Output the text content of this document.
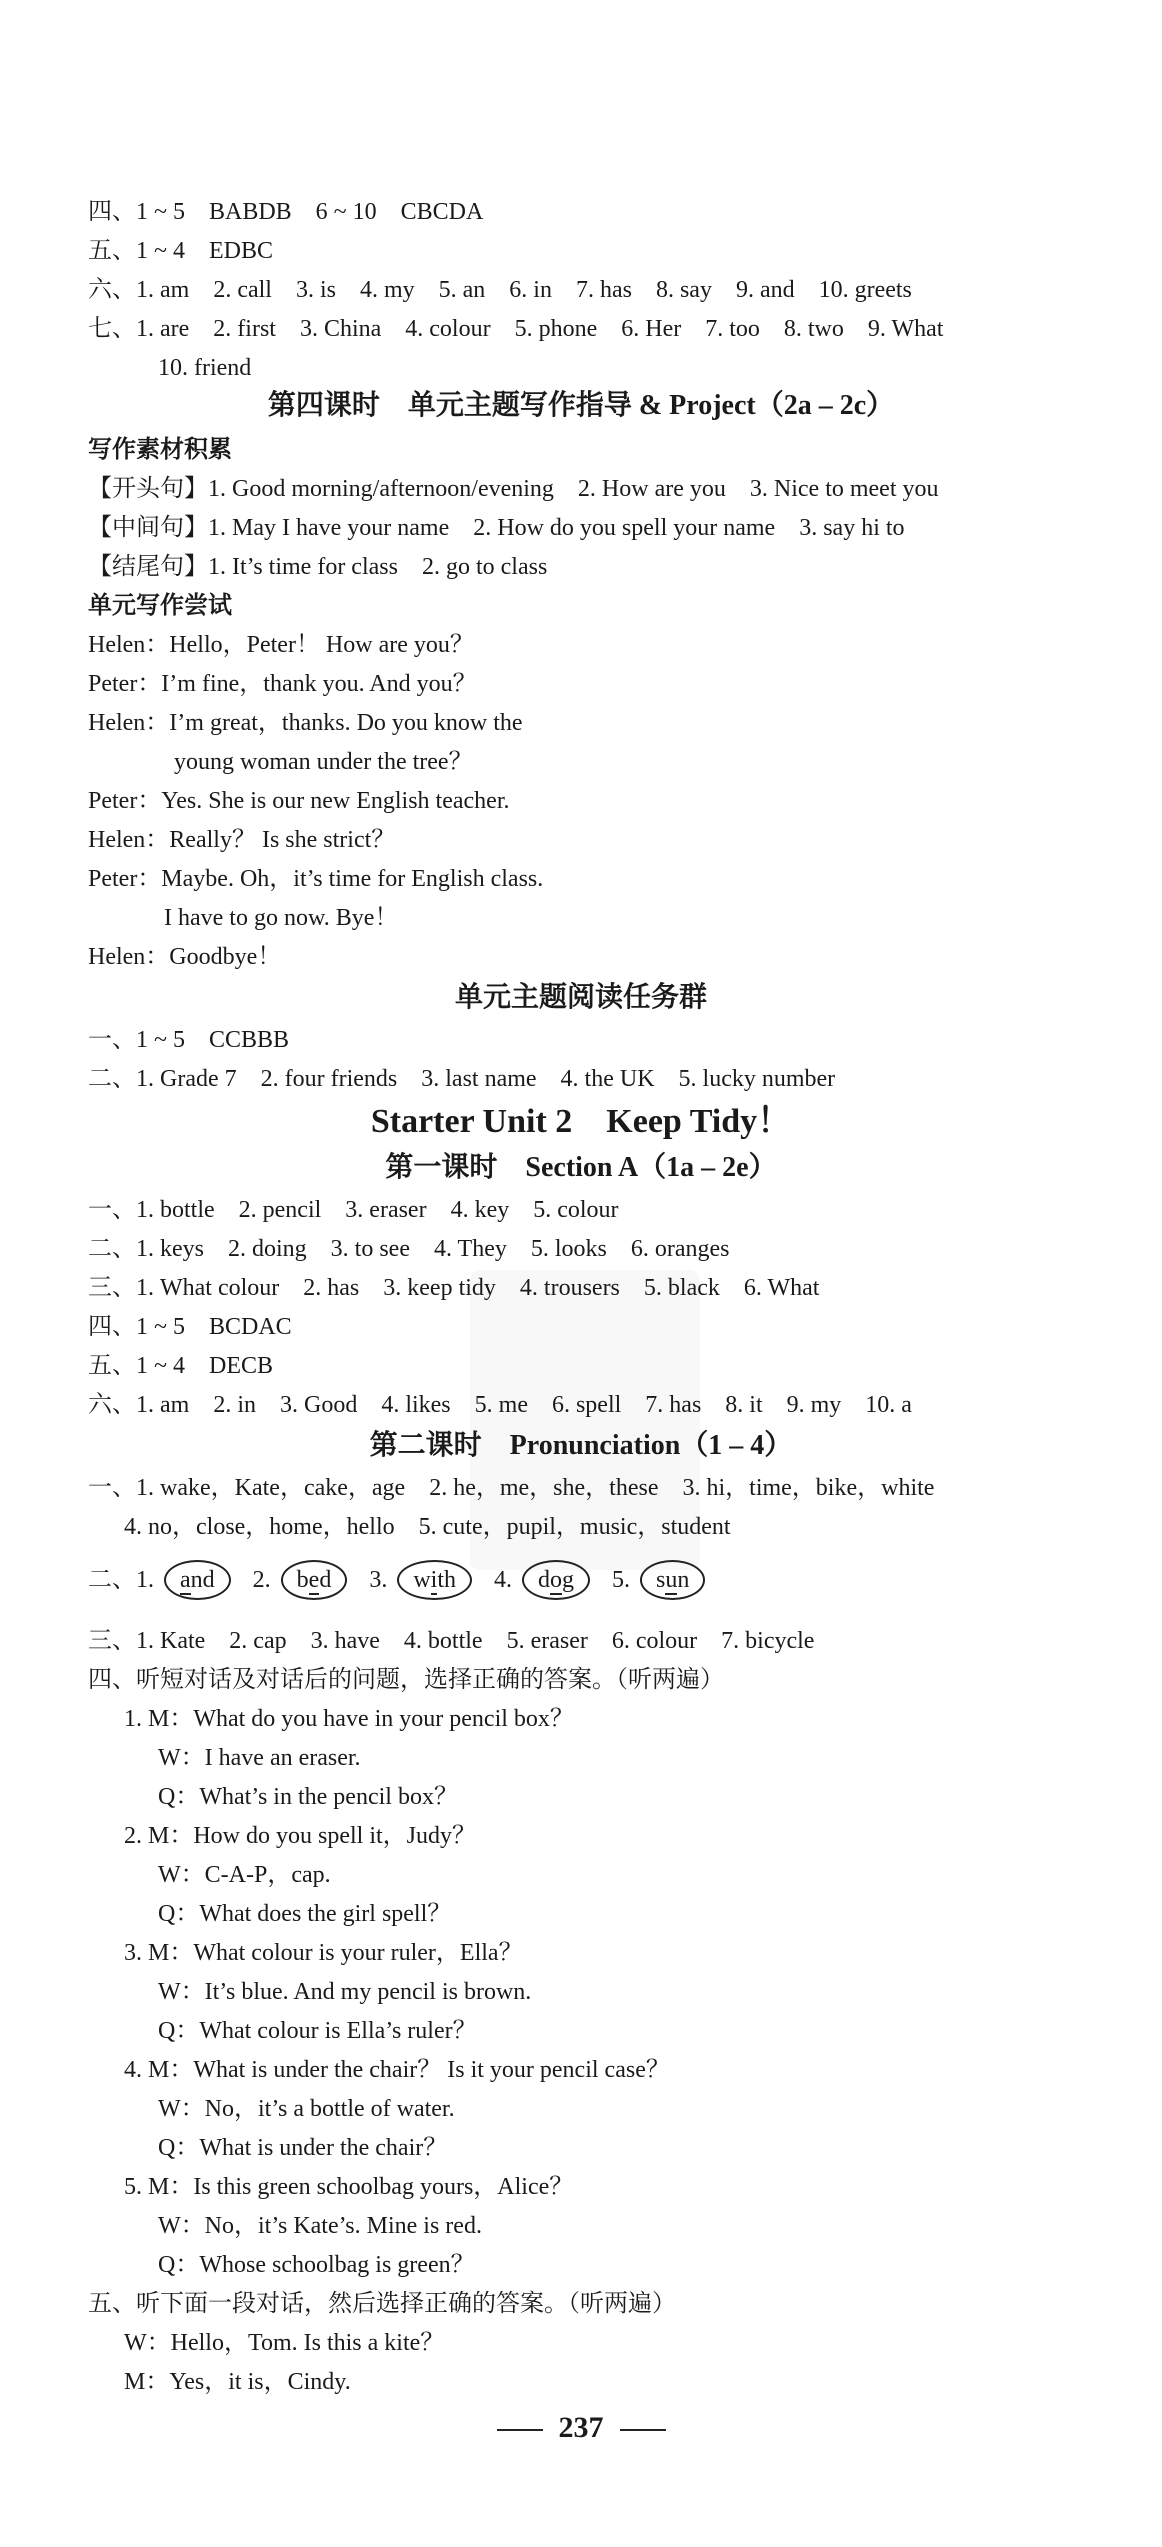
四、1 ~ 5　BABDB　6 ~ 10　CBCDA
五、1 ~ 4　EDBC
六、1. am　2. call　3. is　4. my　5. an　6. in　7. has　8. say　9. and　10. greets
七、1. are　2. first　3. China　4. colour　5. phone　6. Her　7. too　8. two　9. What
10. friend
第四课时　单元主题写作指导 & Project（2a – 2c）
写作素材积累
【开头句】1. Good morning/afternoon/evening　2. How are you　3. Nice to meet you
【中间句】1. May I have your name　2. How do you spell your name　3. say hi to
【结尾句】1. It’s time for class　2. go to class
单元写作尝试
Helen：Hello，Peter！ How are you？
Peter：I’m fine，thank you. And you？
Helen：I’m great，thanks. Do you know the
young woman under the tree？
Peter：Yes. She is our new English teacher.
Helen：Really？ Is she strict？
Peter：Maybe. Oh，it’s time for English class.
I have to go now. Bye！
Helen：Goodbye！
单元主题阅读任务群
一、1 ~ 5　CCBBB
二、1. Grade 7　2. four friends　3. last name　4. the UK　5. lucky number
Starter Unit 2　Keep Tidy！
第一课时　Section A（1a – 2e）
一、1. bottle　2. pencil　3. eraser　4. key　5. colour
二、1. keys　2. doing　3. to see　4. They　5. looks　6. oranges
三、1. What colour　2. has　3. keep tidy　4. trousers　5. black　6. What
四、1 ~ 5　BCDAC
五、1 ~ 4　DECB
六、1. am　2. in　3. Good　4. likes　5. me　6. spell　7. has　8. it　9. my　10. a
第二课时　Pronunciation（1 – 4）
一、1. wake，Kate，cake，age　2. he，me，she，these　3. hi，time，bike，white
4. no，close，home，hello　5. cute，pupil，music，student
二、1. and 2. bed 3. with 4. dog 5. sun
三、1. Kate　2. cap　3. have　4. bottle　5. eraser　6. colour　7. bicycle
四、听短对话及对话后的问题，选择正确的答案。（听两遍）
1. M：What do you have in your pencil box？
W：I have an eraser.
Q：What’s in the pencil box？
2. M：How do you spell it，Judy？
W：C-A-P，cap.
Q：What does the girl spell？
3. M：What colour is your ruler，Ella？
W：It’s blue. And my pencil is brown.
Q：What colour is Ella’s ruler？
4. M：What is under the chair？ Is it your pencil case？
W：No，it’s a bottle of water.
Q：What is under the chair？
5. M：Is this green schoolbag yours，Alice？
W：No，it’s Kate’s. Mine is red.
Q：Whose schoolbag is green？
五、听下面一段对话，然后选择正确的答案。（听两遍）
W：Hello，Tom. Is this a kite？
M：Yes，it is，Cindy.
237
